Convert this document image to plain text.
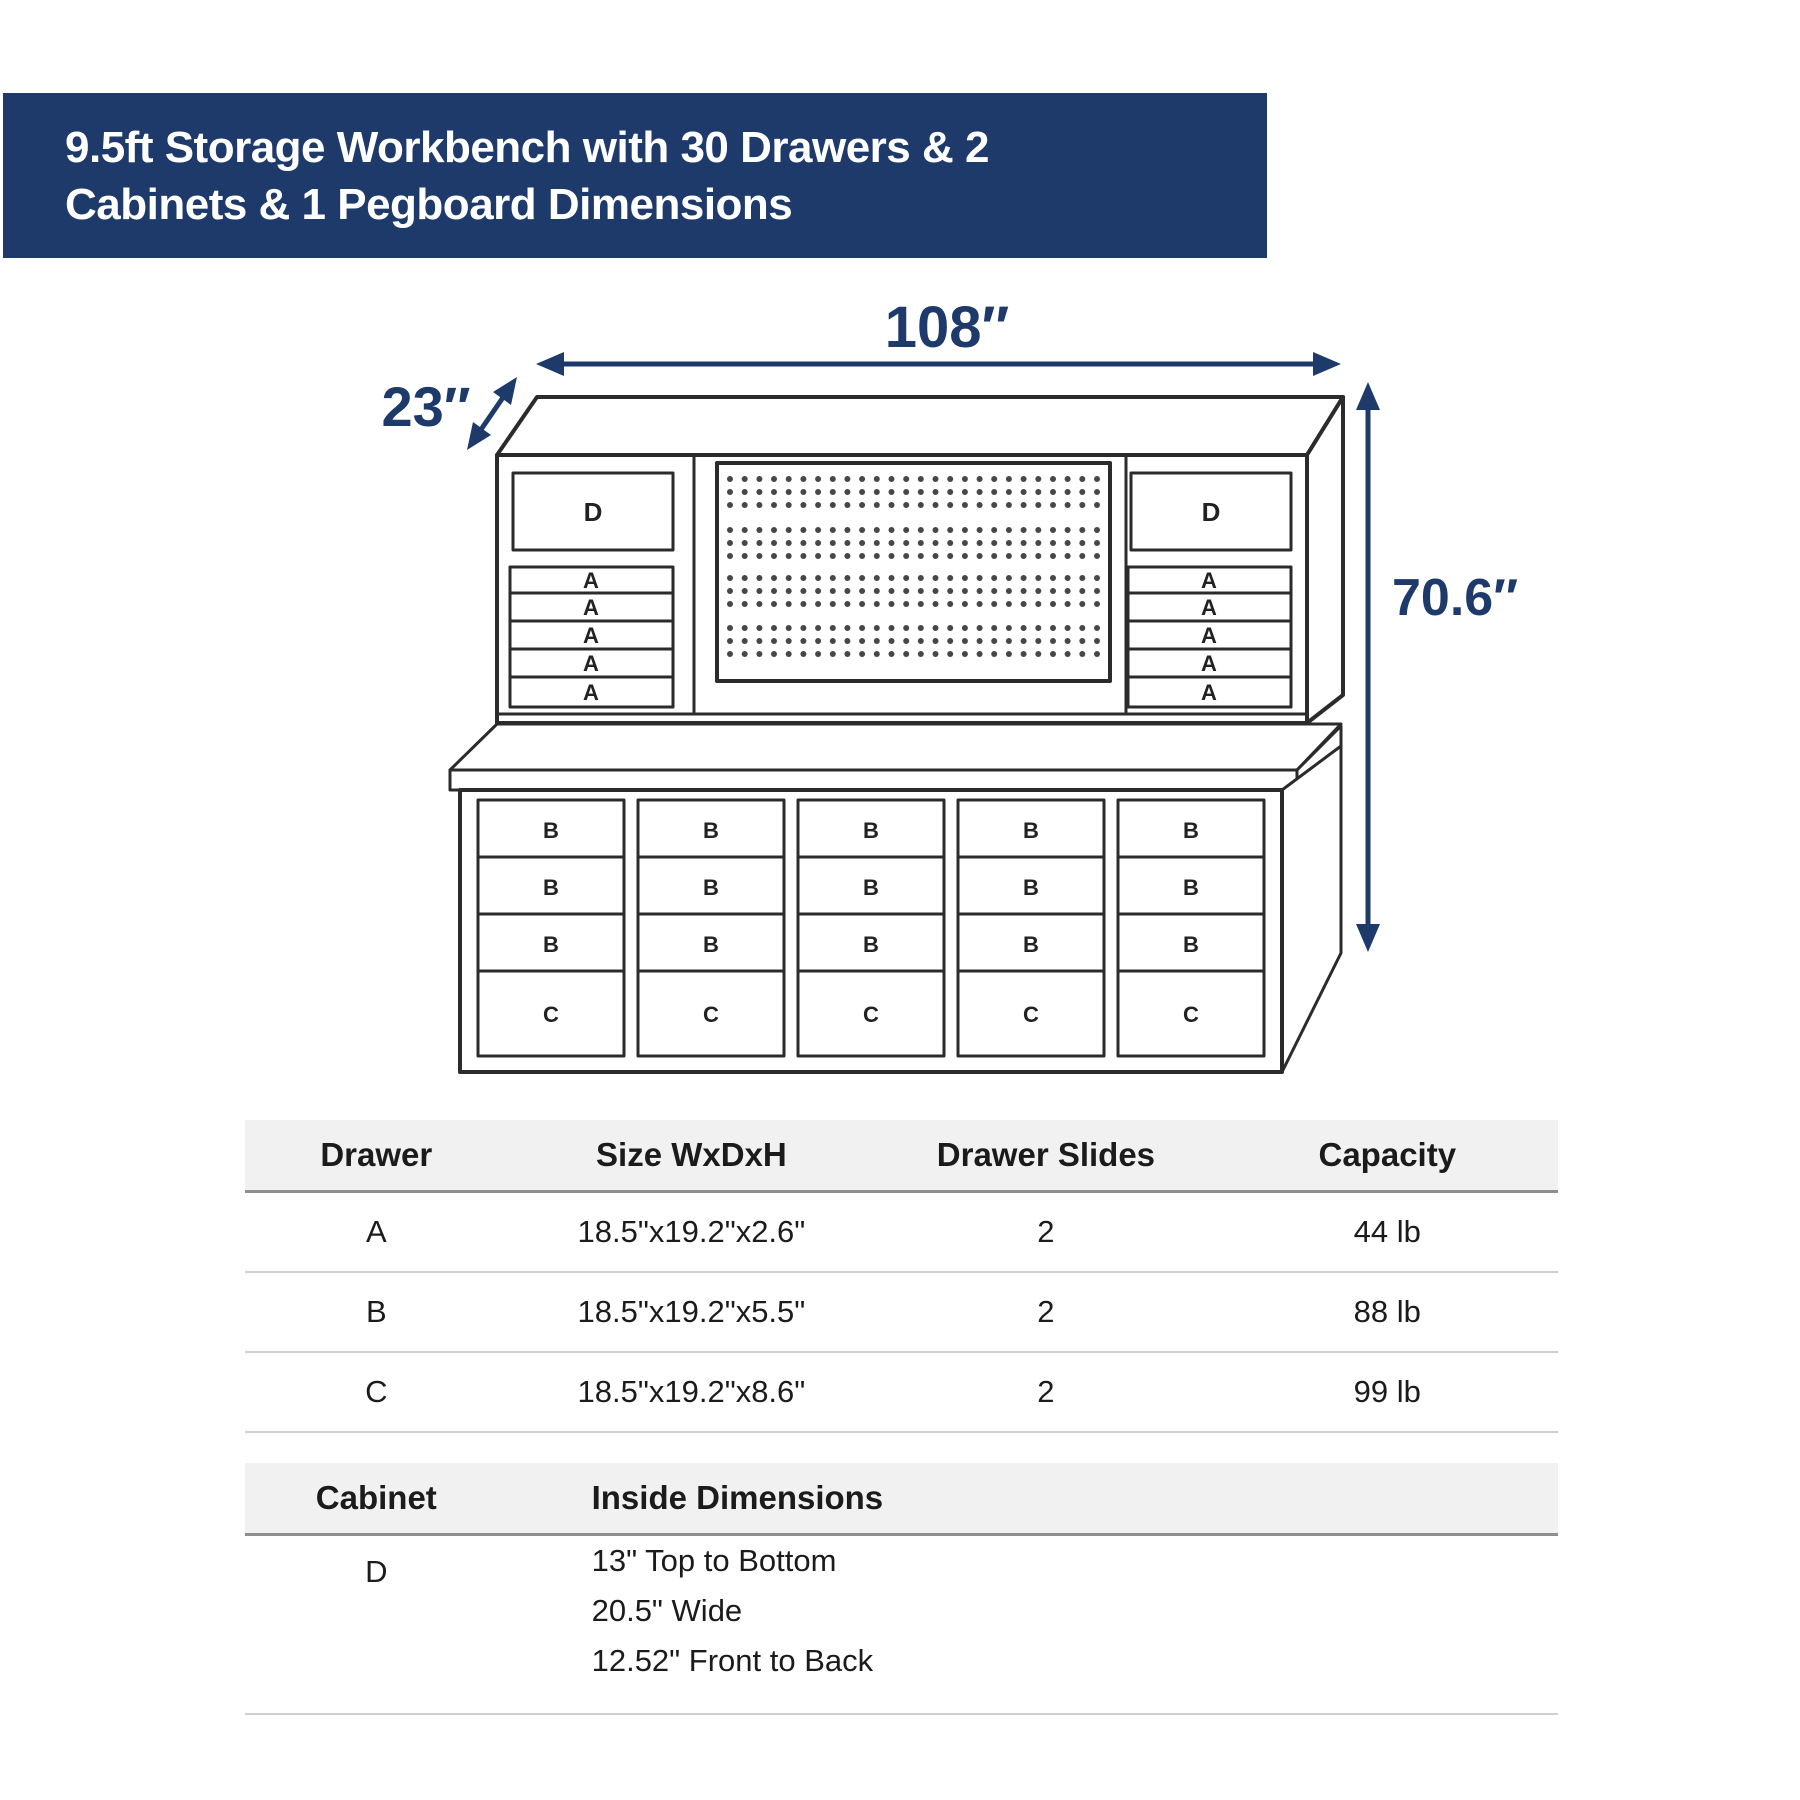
9.5ft Storage Workbench with 30 Drawers & 2
Cabinets & 1 Pegboard Dimensions
108″
23″
70.6″
D
A
A
A
A
A
D
A
A
A
A
A
B
B
B
C
B
B
B
C
B
B
B
C
B
B
B
C
B
B
B
C
Drawer	Size WxDxH	Drawer Slides	Capacity
A	18.5"x19.2"x2.6"	2	44 lb
B	18.5"x19.2"x5.5"	2	88 lb
C	18.5"x19.2"x8.6"	2	99 lb
Cabinet	Inside Dimensions
D	13" Top to Bottom
20.5" Wide
12.52" Front to Back
